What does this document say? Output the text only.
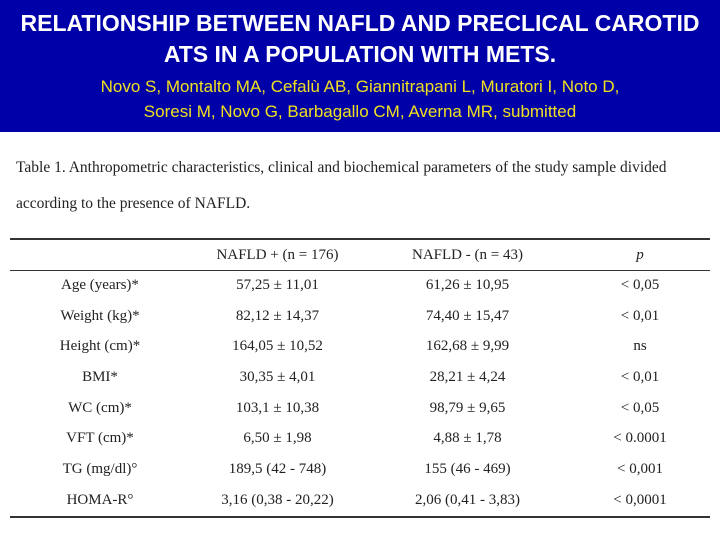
RELATIONSHIP BETWEEN NAFLD AND PRECLICAL CAROTID ATS IN A POPULATION WITH METS.
Novo S, Montalto MA, Cefalù AB, Giannitrapani L, Muratori I, Noto D,
Soresi M, Novo G, Barbagallo CM, Averna MR, submitted
Table 1. Anthropometric characteristics, clinical and biochemical parameters of the study sample divided according to the presence of NAFLD.
	NAFLD + (n = 176)	NAFLD - (n = 43)	p
Age (years)*	57,25 ± 11,01	61,26 ± 10,95	< 0,05
Weight (kg)*	82,12 ± 14,37	74,40 ± 15,47	< 0,01
Height (cm)*	164,05 ± 10,52	162,68 ± 9,99	ns
BMI*	30,35 ± 4,01	28,21 ± 4,24	< 0,01
WC (cm)*	103,1 ± 10,38	98,79 ± 9,65	< 0,05
VFT (cm)*	6,50 ± 1,98	4,88 ± 1,78	< 0.0001
TG (mg/dl)°	189,5 (42 - 748)	155 (46 - 469)	< 0,001
HOMA-R°	3,16 (0,38 - 20,22)	2,06 (0,41 - 3,83)	< 0,0001
